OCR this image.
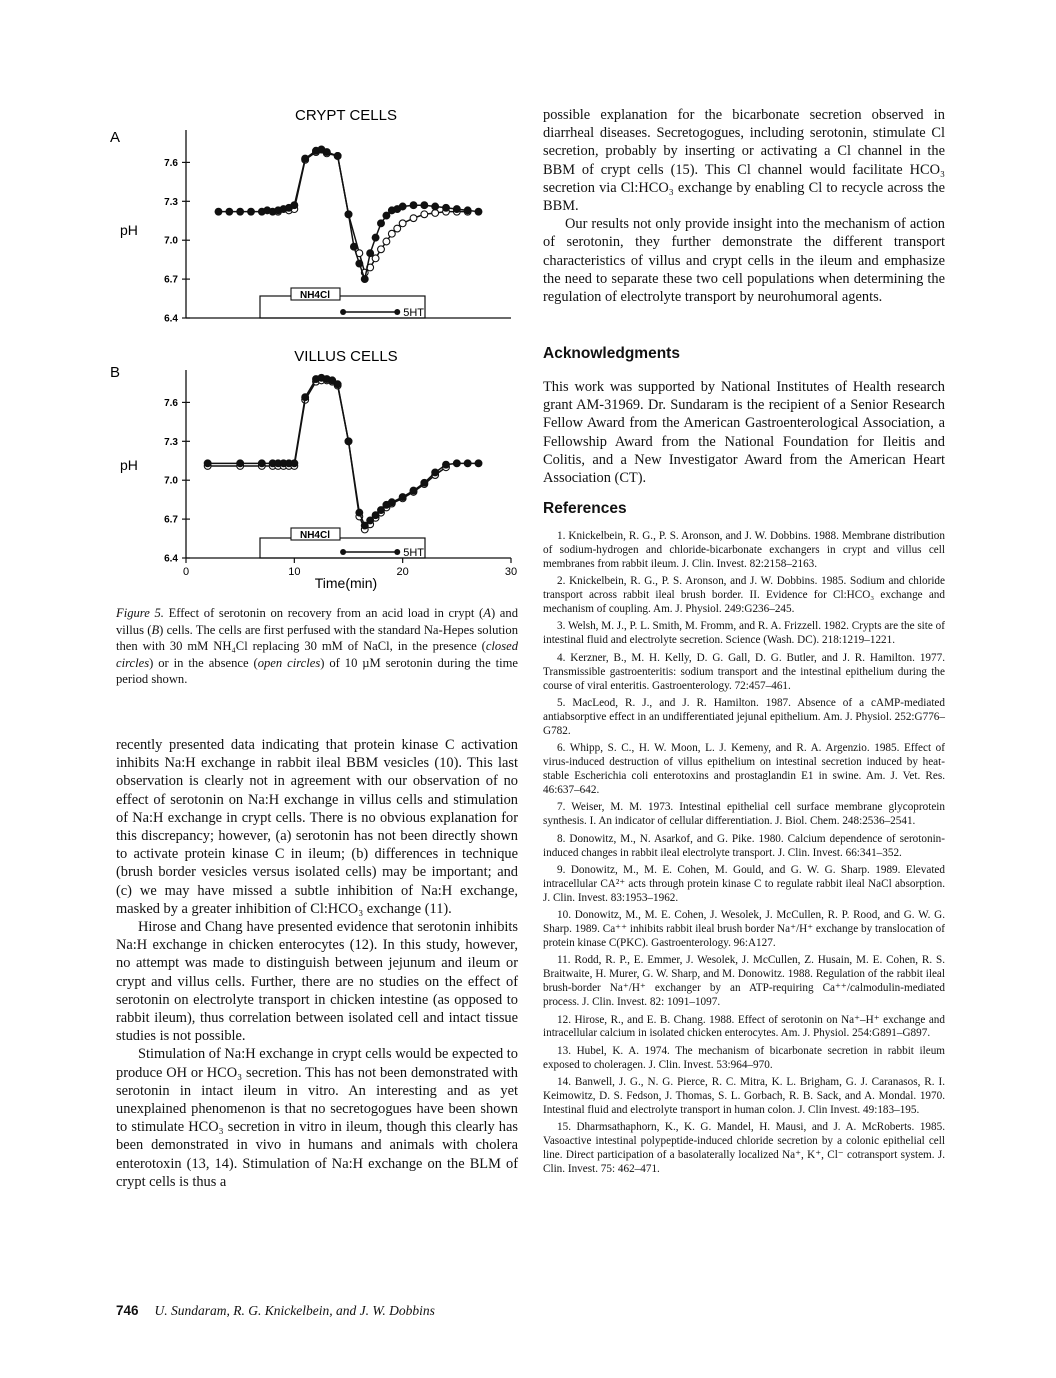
A
CRYPT CELLS
pH
7.6
7.3
7.0
6.7
6.4
NH4Cl
5HT
B
VILLUS CELLS
pH
7.6
7.3
7.0
6.7
6.4
0	10	20	30
NH4Cl
5HT
Time(min)
Figure 5. Effect of serotonin on recovery from an acid load in crypt (A) and villus (B) cells. The cells are first perfused with the standard Na-Hepes solution then with 30 mM NH₄Cl replacing 30 mM of NaCl, in the presence (closed circles) or in the absence (open circles) of 10 µM serotonin during the time period shown.

recently presented data indicating that protein kinase C activation inhibits Na:H exchange in rabbit ileal BBM vesicles (10). This last observation is clearly not in agreement with our observation of no effect of serotonin on Na:H exchange in villus cells and stimulation of Na:H exchange in crypt cells. There is no obvious explanation for this discrepancy; however, (a) serotonin has not been directly shown to activate protein kinase C in ileum; (b) differences in technique (brush border vesicles versus isolated cells) may be important; and (c) we may have missed a subtle inhibition of Na:H exchange, masked by a greater inhibition of Cl:HCO₃ exchange (11).

Hirose and Chang have presented evidence that serotonin inhibits Na:H exchange in chicken enterocytes (12). In this study, however, no attempt was made to distinguish between jejunum and ileum or crypt and villus cells. Further, there are no studies on the effect of serotonin on electrolyte transport in chicken intestine (as opposed to rabbit ileum), thus correlation between isolated cell and intact tissue studies is not possible.

Stimulation of Na:H exchange in crypt cells would be expected to produce OH or HCO₃ secretion. This has not been demonstrated with serotonin in intact ileum in vitro. An interesting and as yet unexplained phenomenon is that no secretogogues have been shown to stimulate HCO₃ secretion in vitro in ileum, though this clearly has been demonstrated in vivo in humans and animals with cholera enterotoxin (13, 14). Stimulation of Na:H exchange on the BLM of crypt cells is thus a

possible explanation for the bicarbonate secretion observed in diarrheal diseases. Secretogogues, including serotonin, stimulate Cl secretion, probably by inserting or activating a Cl channel in the BBM of crypt cells (15). This Cl channel would facilitate HCO₃ secretion via Cl:HCO₃ exchange by enabling Cl to recycle across the BBM.

Our results not only provide insight into the mechanism of action of serotonin, they further demonstrate the different transport characteristics of villus and crypt cells in the ileum and emphasize the need to separate these two cell populations when determining the regulation of electrolyte transport by neurohumoral agents.

Acknowledgments
This work was supported by National Institutes of Health research grant AM-31969. Dr. Sundaram is the recipient of a Senior Research Fellow Award from the American Gastroenterological Association, a Fellowship Award from the National Foundation for Ileitis and Colitis, and a New Investigator Award from the American Heart Association (CT).
References

1. Knickelbein, R. G., P. S. Aronson, and J. W. Dobbins. 1988. Membrane distribution of sodium-hydrogen and chloride-bicarbonate exchangers in crypt and villus cell membranes from rabbit ileum. J. Clin. Invest. 82:2158–2163.

2. Knickelbein, R. G., P. S. Aronson, and J. W. Dobbins. 1985. Sodium and chloride transport across rabbit ileal brush border. II. Evidence for Cl:HCO₃ exchange and mechanism of coupling. Am. J. Physiol. 249:G236–245.

3. Welsh, M. J., P. L. Smith, M. Fromm, and R. A. Frizzell. 1982. Crypts are the site of intestinal fluid and electrolyte secretion. Science (Wash. DC). 218:1219–1221.

4. Kerzner, B., M. H. Kelly, D. G. Gall, D. G. Butler, and J. R. Hamilton. 1977. Transmissible gastroenteritis: sodium transport and the intestinal epithelium during the course of viral enteritis. Gastroenterology. 72:457–461.

5. MacLeod, R. J., and J. R. Hamilton. 1987. Absence of a cAMP-mediated antiabsorptive effect in an undifferentiated jejunal epithelium. Am. J. Physiol. 252:G776–G782.

6. Whipp, S. C., H. W. Moon, L. J. Kemeny, and R. A. Argenzio. 1985. Effect of virus-induced destruction of villus epithelium on intestinal secretion induced by heat-stable Escherichia coli enterotoxins and prostaglandin E1 in swine. Am. J. Vet. Res. 46:637–642.

7. Weiser, M. M. 1973. Intestinal epithelial cell surface membrane glycoprotein synthesis. I. An indicator of cellular differentiation. J. Biol. Chem. 248:2536–2541.

8. Donowitz, M., N. Asarkof, and G. Pike. 1980. Calcium dependence of serotonin-induced changes in rabbit ileal electrolyte transport. J. Clin. Invest. 66:341–352.

9. Donowitz, M., M. E. Cohen, M. Gould, and G. W. G. Sharp. 1989. Elevated intracellular CA²⁺ acts through protein kinase C to regulate rabbit ileal NaCl absorption. J. Clin. Invest. 83:1953–1962.

10. Donowitz, M., M. E. Cohen, J. Wesolek, J. McCullen, R. P. Rood, and G. W. G. Sharp. 1989. Ca⁺⁺ inhibits rabbit ileal brush border Na⁺/H⁺ exchange by translocation of protein kinase C(PKC). Gastroenterology. 96:A127.

11. Rodd, R. P., E. Emmer, J. Wesolek, J. McCullen, Z. Husain, M. E. Cohen, R. S. Braitwaite, H. Murer, G. W. Sharp, and M. Donowitz. 1988. Regulation of the rabbit ileal brush-border Na⁺/H⁺ exchanger by an ATP-requiring Ca⁺⁺/calmodulin-mediated process. J. Clin. Invest. 82: 1091–1097.

12. Hirose, R., and E. B. Chang. 1988. Effect of serotonin on Na⁺–H⁺ exchange and intracellular calcium in isolated chicken enterocytes. Am. J. Physiol. 254:G891–G897.

13. Hubel, K. A. 1974. The mechanism of bicarbonate secretion in rabbit ileum exposed to choleragen. J. Clin. Invest. 53:964–970.

14. Banwell, J. G., N. G. Pierce, R. C. Mitra, K. L. Brigham, G. J. Caranasos, R. I. Keimowitz, D. S. Fedson, J. Thomas, S. L. Gorbach, R. B. Sack, and A. Mondal. 1970. Intestinal fluid and electrolyte transport in human colon. J. Clin Invest. 49:183–195.

15. Dharmsathaphorn, K., K. G. Mandel, H. Mausi, and J. A. McRoberts. 1985. Vasoactive intestinal polypeptide-induced chloride secretion by a colonic epithelial cell line. Direct participation of a basolaterally localized Na⁺, K⁺, Cl⁻ cotransport system. J. Clin. Invest. 75: 462–471.

746 U. Sundaram, R. G. Knickelbein, and J. W. Dobbins
